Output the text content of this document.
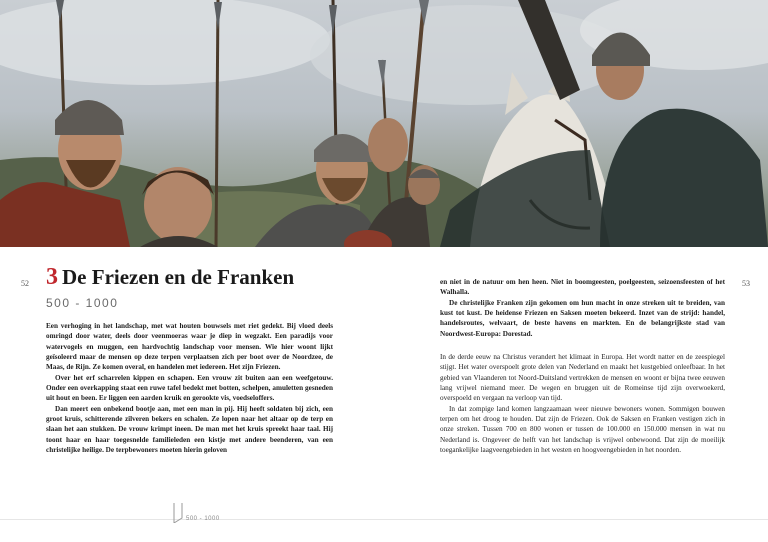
52	53
3 De Friezen en de Franken
500 - 1000

Een verhoging in het landschap, met wat houten bouwsels met riet gedekt. Bij vloed deels omringd door water, deels door veenmoeras waar je diep in wegzakt. Een paradijs voor watervogels en muggen, een hardvochtig landschap voor mensen. Wie hier woont lijkt geïsoleerd maar de mensen op deze terpen verplaatsen zich per boot over de Noordzee, de Maas, de Rijn. Ze komen overal, en handelen met iedereen. Het zijn Friezen.

Over het erf scharrelen kippen en schapen. Een vrouw zit buiten aan een weefgetouw. Onder een overkapping staat een ruwe tafel bedekt met botten, schelpen, amuletten gesneden uit hout en been. Er liggen een aarden kruik en gerookte vis, voedseloffers.

Dan meert een onbekend bootje aan, met een man in pij. Hij heeft soldaten bij zich, een groot kruis, schitterende zilveren bekers en schalen. Ze lopen naar het altaar op de terp en slaan het aan stukken. De vrouw krimpt ineen. De man met het kruis spreekt haar taal. Hij toont haar en haar toegesnelde familieleden een kistje met andere beenderen, van een christelijke heilige. De terpbewoners moeten hierin geloven

en niet in de natuur om hen heen. Niet in boomgeesten, poelgeesten, seizoensfeesten of het Walhalla.

De christelijke Franken zijn gekomen om hun macht in onze streken uit te breiden, van kust tot kust. De heidense Friezen en Saksen moeten bekeerd. Inzet van de strijd: handel, handelsroutes, welvaart, de beste havens en markten. En de belangrijkste stad van Noordwest-Europa: Dorestad.

In de derde eeuw na Christus verandert het klimaat in Europa. Het wordt natter en de zeespiegel stijgt. Het water overspoelt grote delen van Nederland en maakt het kustgebied onleefbaar. In het gebied van Vlaanderen tot Noord-Duitsland vertrekken de mensen en woont er bijna twee eeuwen lang vrijwel niemand meer. De wegen en bruggen uit de Romeinse tijd zijn overwoekerd, overspoeld en vergaan na verloop van tijd.

In dat zompige land komen langzaamaan weer nieuwe bewoners wonen. Sommigen bouwen terpen om het droog te houden. Dat zijn de Friezen. Ook de Saksen en Franken vestigen zich in onze streken. Tussen 700 en 800 wonen er tussen de 100.000 en 150.000 mensen in wat nu Nederland is. Ongeveer de helft van het landschap is vrijwel onbewoond. Dat zijn de moeilijk toegankelijke laagveengebieden in het westen en hoogveengebieden in het noorden.

500 - 1000
